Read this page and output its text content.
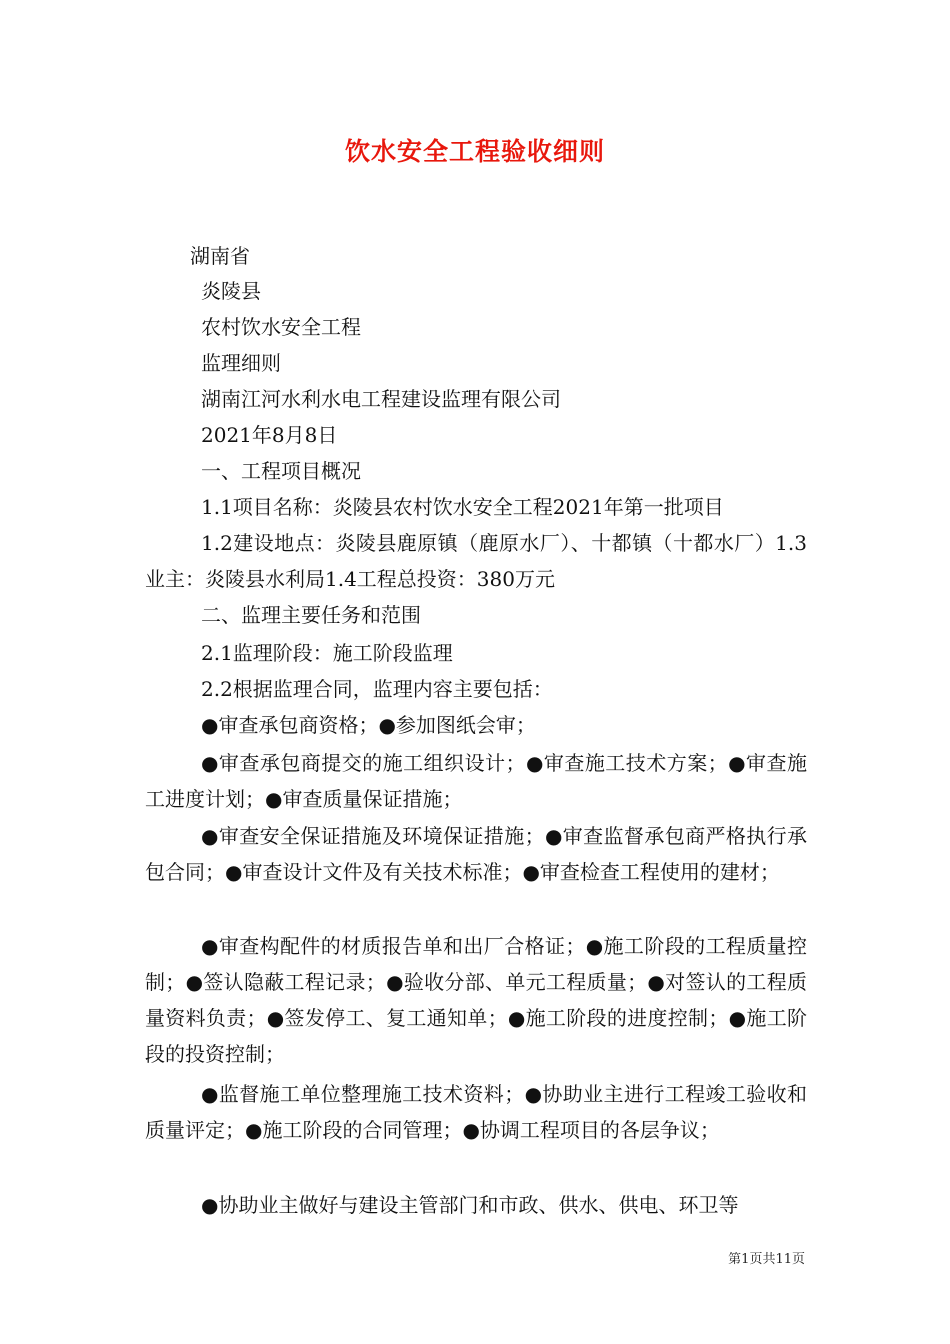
饮水安全工程验收细则
湖南省
炎陵县
农村饮水安全工程
监理细则
湖南江河水利水电工程建设监理有限公司
2021年8月8日
一、工程项目概况
1.1项目名称：炎陵县农村饮水安全工程2021年第一批项目
1.2建设地点：炎陵县鹿原镇（鹿原水厂）、十都镇（十都水厂）1.3业主：炎陵县水利局1.4工程总投资：380万元
二、监理主要任务和范围
2.1监理阶段：施工阶段监理
2.2根据监理合同，监理内容主要包括：
●审查承包商资格；●参加图纸会审；
●审查承包商提交的施工组织设计；●审查施工技术方案；●审查施工进度计划；●审查质量保证措施；
●审查安全保证措施及环境保证措施；●审查监督承包商严格执行承包合同；●审查设计文件及有关技术标准；●审查检查工程使用的建材；
●审查构配件的材质报告单和出厂合格证；●施工阶段的工程质量控制；●签认隐蔽工程记录；●验收分部、单元工程质量；●对签认的工程质量资料负责；●签发停工、复工通知单；●施工阶段的进度控制；●施工阶段的投资控制；
●监督施工单位整理施工技术资料；●协助业主进行工程竣工验收和质量评定；●施工阶段的合同管理；●协调工程项目的各层争议；
●协助业主做好与建设主管部门和市政、供水、供电、环卫等
第1页共11页
